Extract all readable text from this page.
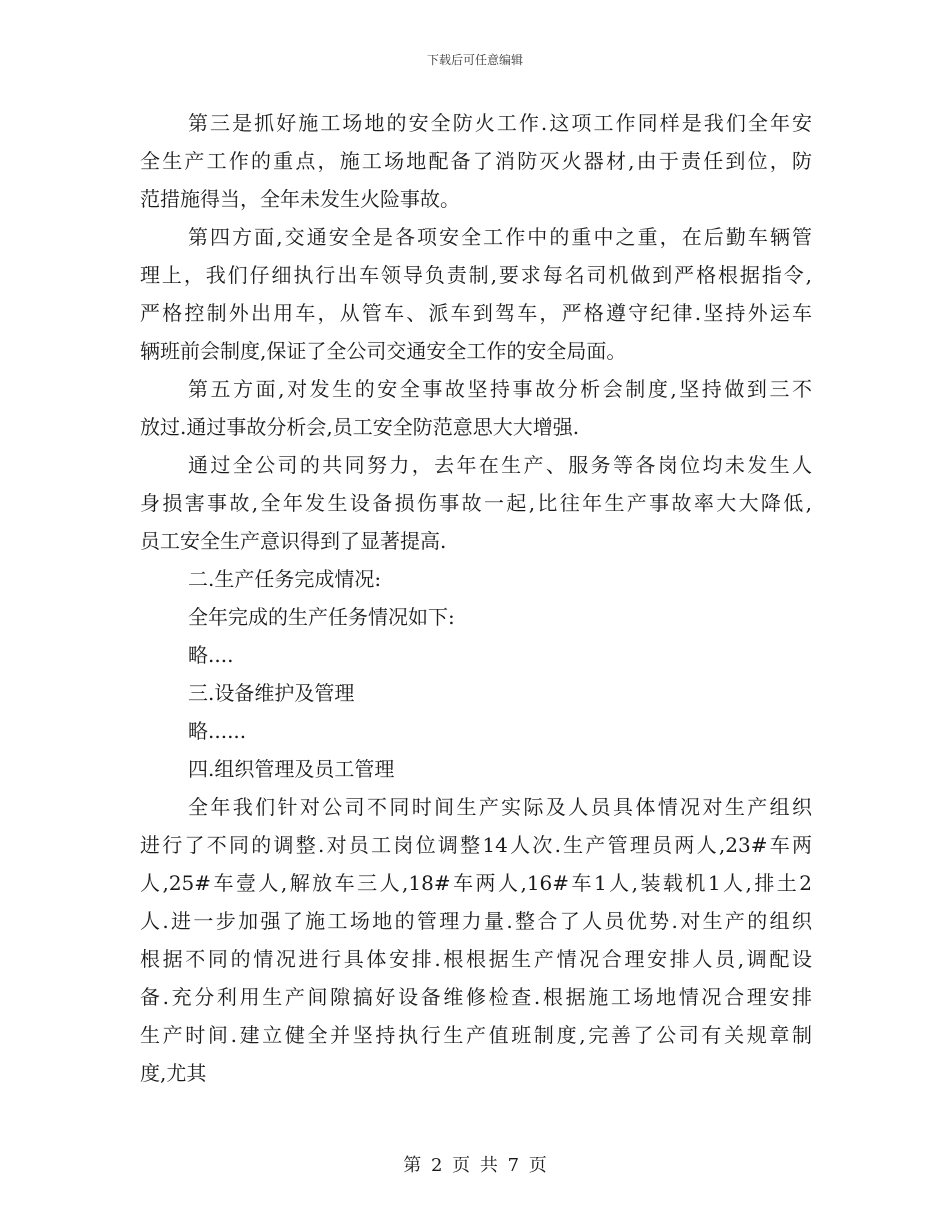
下载后可任意编辑
第三是抓好施工场地的安全防火工作.这项工作同样是我们全年安
全生产工作的重点，施工场地配备了消防灭火器材,由于责任到位，防
范措施得当，全年未发生火险事故。
第四方面,交通安全是各项安全工作中的重中之重，在后勤车辆管
理上，我们仔细执行出车领导负责制,要求每名司机做到严格根据指令,
严格控制外出用车，从管车、派车到驾车，严格遵守纪律.坚持外运车
辆班前会制度,保证了全公司交通安全工作的安全局面。
第五方面,对发生的安全事故坚持事故分析会制度,坚持做到三不
放过.通过事故分析会,员工安全防范意思大大增强.
通过全公司的共同努力，去年在生产、服务等各岗位均未发生人
身损害事故,全年发生设备损伤事故一起,比往年生产事故率大大降低,
员工安全生产意识得到了显著提高.
二.生产任务完成情况:
全年完成的生产任务情况如下:
略....
三.设备维护及管理
略......
四.组织管理及员工管理
全年我们针对公司不同时间生产实际及人员具体情况对生产组织
进行了不同的调整.对员工岗位调整14人次.生产管理员两人,23#车两
人,25#车壹人,解放车三人,18#车两人,16#车1人,装载机1人,排土2
人.进一步加强了施工场地的管理力量.整合了人员优势.对生产的组织
根据不同的情况进行具体安排.根根据生产情况合理安排人员,调配设
备.充分利用生产间隙搞好设备维修检查.根据施工场地情况合理安排
生产时间.建立健全并坚持执行生产值班制度,完善了公司有关规章制
度,尤其
第 2 页 共 7 页
